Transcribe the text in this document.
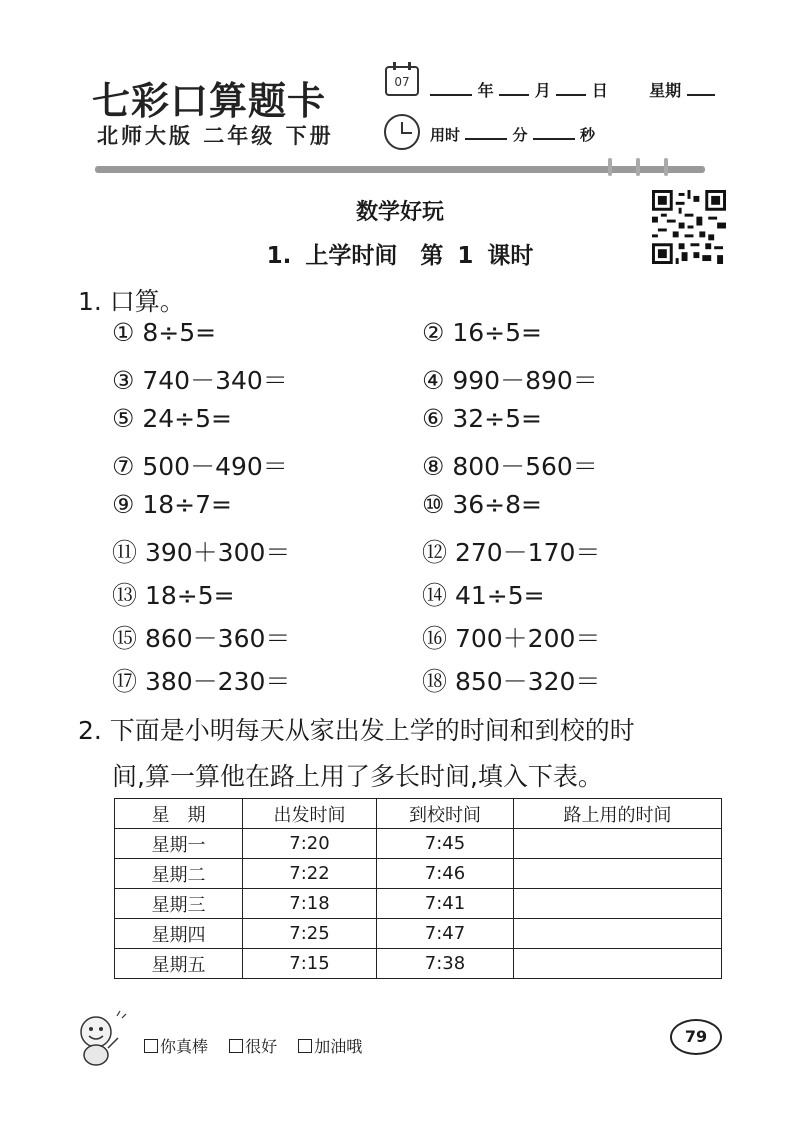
七彩口算题卡
北师大版 二年级 下册
07	年	月	日	星期
用时	分	秒
数学好玩
1. 上学时间　第 1 课时
1. 口算。
① 8÷5=	② 16÷5=
③ 740－340＝	④ 990－890＝
⑤ 24÷5=	⑥ 32÷5=
⑦ 500－490＝	⑧ 800－560＝
⑨ 18÷7=	⑩ 36÷8=
⑪ 390＋300＝	⑫ 270－170＝
⑬ 18÷5=	⑭ 41÷5=
⑮ 860－360＝	⑯ 700＋200＝
⑰ 380－230＝	⑱ 850－320＝
2. 下面是小明每天从家出发上学的时间和到校的时
间,算一算他在路上用了多长时间,填入下表。
星　期	出发时间	到校时间	路上用的时间
星期一	7:20	7:45	
星期二	7:22	7:46	
星期三	7:18	7:41	
星期四	7:25	7:47	
星期五	7:15	7:38	
你真棒 很好 加油哦
79
